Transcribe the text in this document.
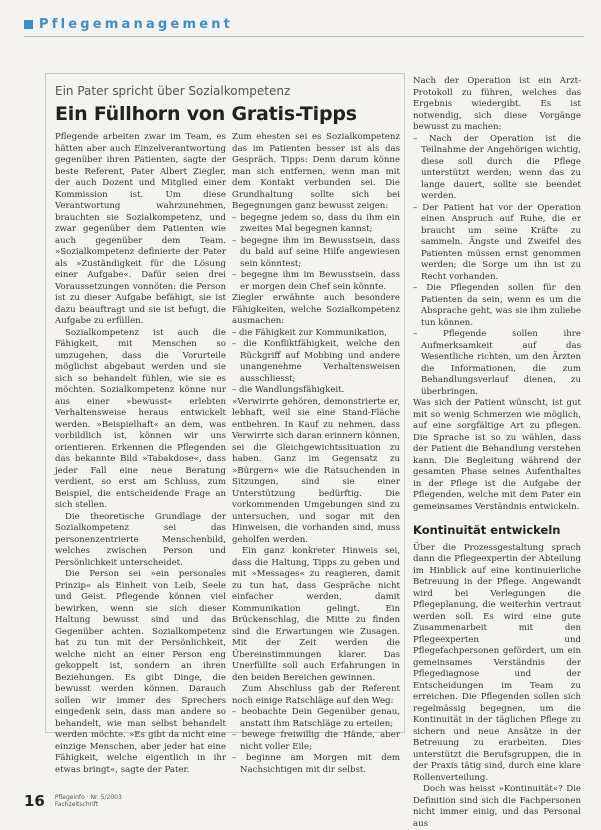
Pflegemanagement
Ein Pater spricht über Sozialkompetenz
Ein Füllhorn von Gratis-Tipps

Pflegende arbeiten zwar im Team, es hätten aber auch Einzelverantwortung gegenüber ihren Patienten, sagte der beste Referent, Pater Albert Ziegler, der auch Dozent und Mitglied einer Kommission ist. Um diese Verantwortung wahrzunehmen, brauchten sie Sozialkompetenz, und zwar gegenüber dem Patienten wie auch gegenüber dem Team. »Sozialkompetenz definierte der Pater als »Zuständigkeit für die Lösung einer Aufgabe«. Dafür seien drei Voraussetzungen vonnöten: die Person ist zu dieser Aufgabe befähigt, sie ist dazu beauftragt und sie ist befugt, die Aufgabe zu erfüllen.

Sozialkompetenz ist auch die Fähigkeit, mit Menschen so umzugehen, dass die Vorurteile möglichst abgebaut werden und sie sich so behandelt fühlen, wie sie es möchten. Sozialkompetenz könne nur aus einer »bewusst« erlebten Verhaltensweise heraus entwickelt werden. »Beispielhaft« an dem, was vorbildlich ist, können wir uns orientieren. Erkennen die Pflegenden das bekannte Bild »Tabakdose«, dass jeder Fall eine neue Beratung verdient, so erst am Schluss, zum Beispiel, die entscheidende Frage an sich stellen.

Die theoretische Grundlage der Sozialkompetenz sei das personenzentrierte Menschenbild, welches zwischen Person und Persönlichkeit unterscheidet.

Die Person sei »ein personales Prinzip« als Einheit von Leib, Seele und Geist. Pflegende können viel bewirken, wenn sie sich dieser Haltung bewusst sind und das Gegenüber achten. Sozialkompetenz hat zu tun mit der Persönlichkeit, welche nicht an einer Person eng gekoppelt ist, sondern an ihren Beziehungen. Es gibt Dinge, die bewusst werden können. Darauch sollen wir immer des Sprechers eingedenk sein, dass man andere so behandelt, wie man selbst behandelt werden möchte. »Es gibt da nicht eine einzige Menschen, aber jeder hat eine Fähigkeit, welche eigentlich in ihr etwas bringt«, sagte der Pater.

Zum ehesten sei es Sozialkompetenz das im Patienten besser ist als das Gespräch. Tipps: Denn darum könne man sich entfernen, wenn man mit dem Kontakt verbunden sei. Die Grundhaltung sollte sich bei Begegnungen ganz bewusst zeigen:

– begegne jedem so, dass du ihm ein zweites Mal begegnen kannst;
– begegne ihm im Bewusstsein, dass du bald auf seine Hilfe angewiesen sein könntest;
– begegne ihm im Bewusstsein, dass er morgen dein Chef sein könnte.

Ziegler erwähnte auch besondere Fähigkeiten, welche Sozialkompetenz ausmachen:

– die Fähigkeit zur Kommunikation,
– die Konfliktfähigkeit, welche den Rückgriff auf Mobbing und andere unangenehme Verhaltensweisen ausschliesst;
– die Wandlungsfähigkeit.

»Verwirrte gehören, demonstrierte er, lebhaft, weil sie eine Stand-Fläche entbehren. In Kauf zu nehmen, dass Verwirrte sich daran erinnern können, sei die Gleichgewichtssituation zu haben. Ganz im Gegensatz zu »Bürgern« wie die Ratsuchenden in Sitzungen, sind sie einer Unterstützung bedürftig. Die vorkommenden Umgebungen sind zu untersuchen, und sogar mit den Hinweisen, die vorhanden sind, muss geholfen werden.

Ein ganz konkreter Hinweis sei, dass die Haltung, Tipps zu geben und mit »Messages« zu reagieren, damit zu tun hat, dass Gespräche nicht einfacher werden, damit Kommunikation gelingt. Ein Brückenschlag, die Mitte zu finden sind die Erwartungen wie Zusagen. Mit der Zeit werden die Übereinstimmungen klarer. Das Unerfüllte soll auch Erfahrungen in den beiden Bereichen gewinnen.

Zum Abschluss gab der Referent noch einige Ratschläge auf den Weg:

– beobachte Dein Gegenüber genau, anstatt ihm Ratschläge zu erteilen;
– bewege freiwillig die Hände, aber nicht voller Eile;
– beginne am Morgen mit dem Nachsichtigen mit dir selbst.

Nach der Operation ist ein Arzt-Protokoll zu führen, welches das Ergebnis wiedergibt. Es ist notwendig, sich diese Vorgänge bewusst zu machen:

– Nach der Operation ist die Teilnahme der Angehörigen wichtig, diese soll durch die Pflege unterstützt werden; wenn das zu lange dauert, sollte sie beendet werden.
– Der Patient hat vor der Operation einen Anspruch auf Ruhe, die er braucht um seine Kräfte zu sammeln. Ängste und Zweifel des Patienten müssen ernst genommen werden; die Sorge um ihn ist zu Recht vorhanden.
– Die Pflegenden sollen für den Patienten da sein, wenn es um die Absprache geht, was sie ihm zuliebe tun können.
– Pflegende sollen ihre Aufmerksamkeit auf das Wesentliche richten, um den Ärzten die Informationen, die zum Behandlungsverlauf dienen, zu überbringen.

Was sich der Patient wünscht, ist gut mit so wenig Schmerzen wie möglich, auf eine sorgfältige Art zu pflegen. Die Sprache ist so zu wählen, dass der Patient die Behandlung verstehen kann. Die Begleitung während der gesamten Phase seines Aufenthaltes in der Pflege ist die Aufgabe der Pflegenden, welche mit dem Pater ein gemeinsames Verständnis entwickeln.

Kontinuität entwickeln

Über die Prozessgestaltung sprach dann die Pflegeexpertin der Abteilung im Hinblick auf eine kontinuierliche Betreuung in der Pflege. Angewandt wird bei Verlegungen die Pflegeplanung, die weiterhin vertraut werden soll. Es wird eine gute Zusammenarbeit mit den Pflegeexperten und Pflegefachpersonen gefördert, um ein gemeinsames Verständnis der Pflegediagnose und der Entscheidungen im Team zu erreichen. Die Pflegenden sollen sich regelmässig begegnen, um die Kontinuität in der täglichen Pflege zu sichern und neue Ansätze in der Betreuung zu erarbeiten. Dies unterstützt die Berufsgruppen, die in der Praxis tätig sind, durch eine klare Rollenverteilung.

Doch was heisst »Kontinuität«? Die Definition sind sich die Fachpersonen nicht immer einig, und das Personal aus

16 Pflegeinfo · Nr. 5/2003
Fachzeitschrift
